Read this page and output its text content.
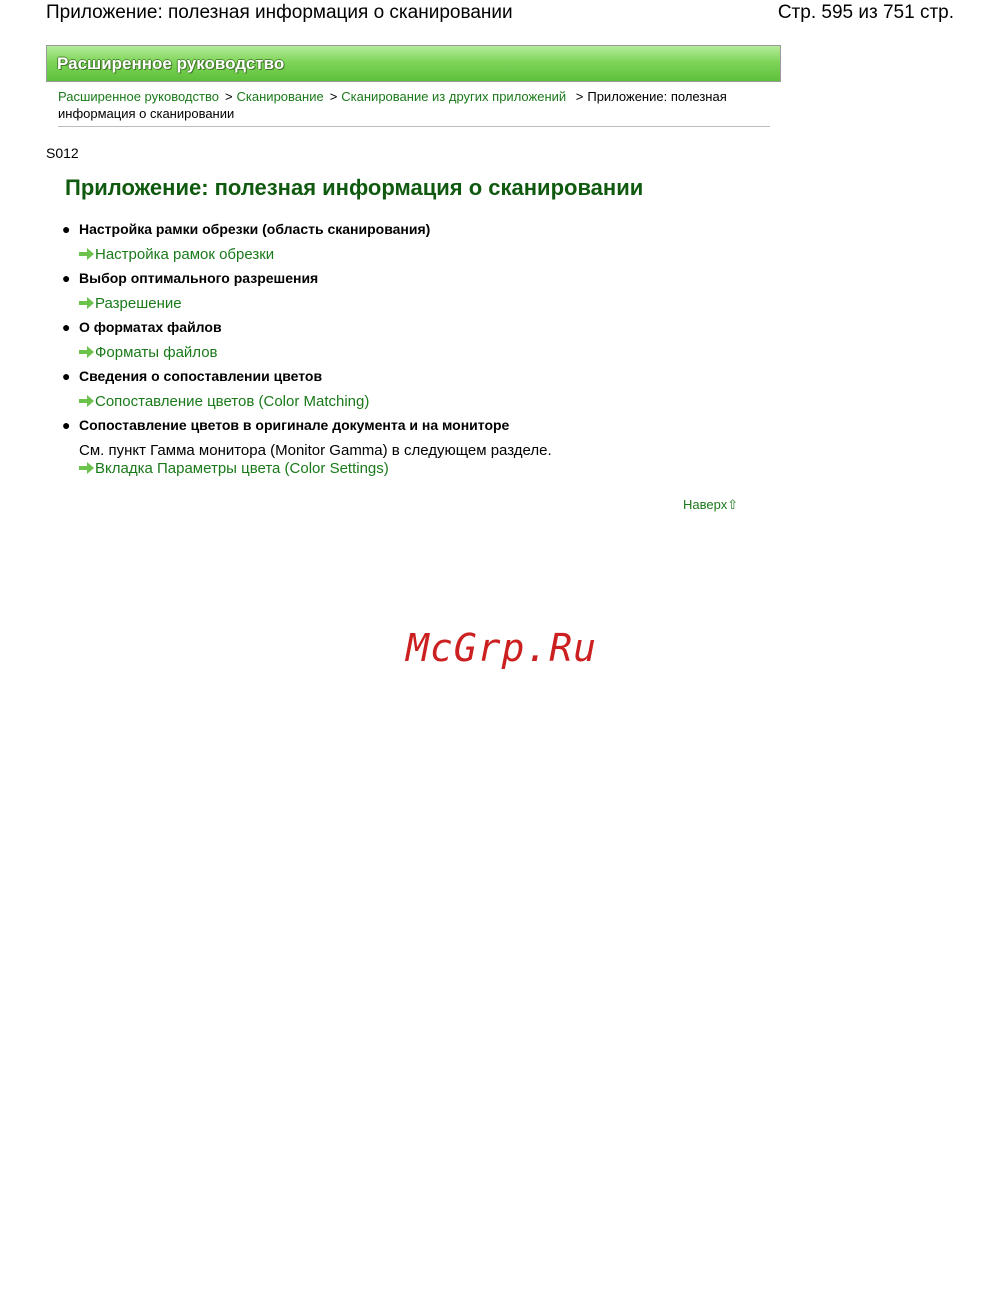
Приложение: полезная информация о сканировании	Стр. 595 из 751 стр.
Расширенное руководство
Расширенное руководство > Сканирование > Сканирование из других приложений > Приложение: полезная информация о сканировании
S012
Приложение: полезная информация о сканировании
● Настройка рамки обрезки (область сканирования)
Настройка рамок обрезки
● Выбор оптимального разрешения
Разрешение
● О форматах файлов
Форматы файлов
● Сведения о сопоставлении цветов
Сопоставление цветов (Color Matching)
● Сопоставление цветов в оригинале документа и на мониторе
См. пункт Гамма монитора (Monitor Gamma) в следующем разделе.
Вкладка Параметры цвета (Color Settings)
Наверх⇧
McGrp.Ru
